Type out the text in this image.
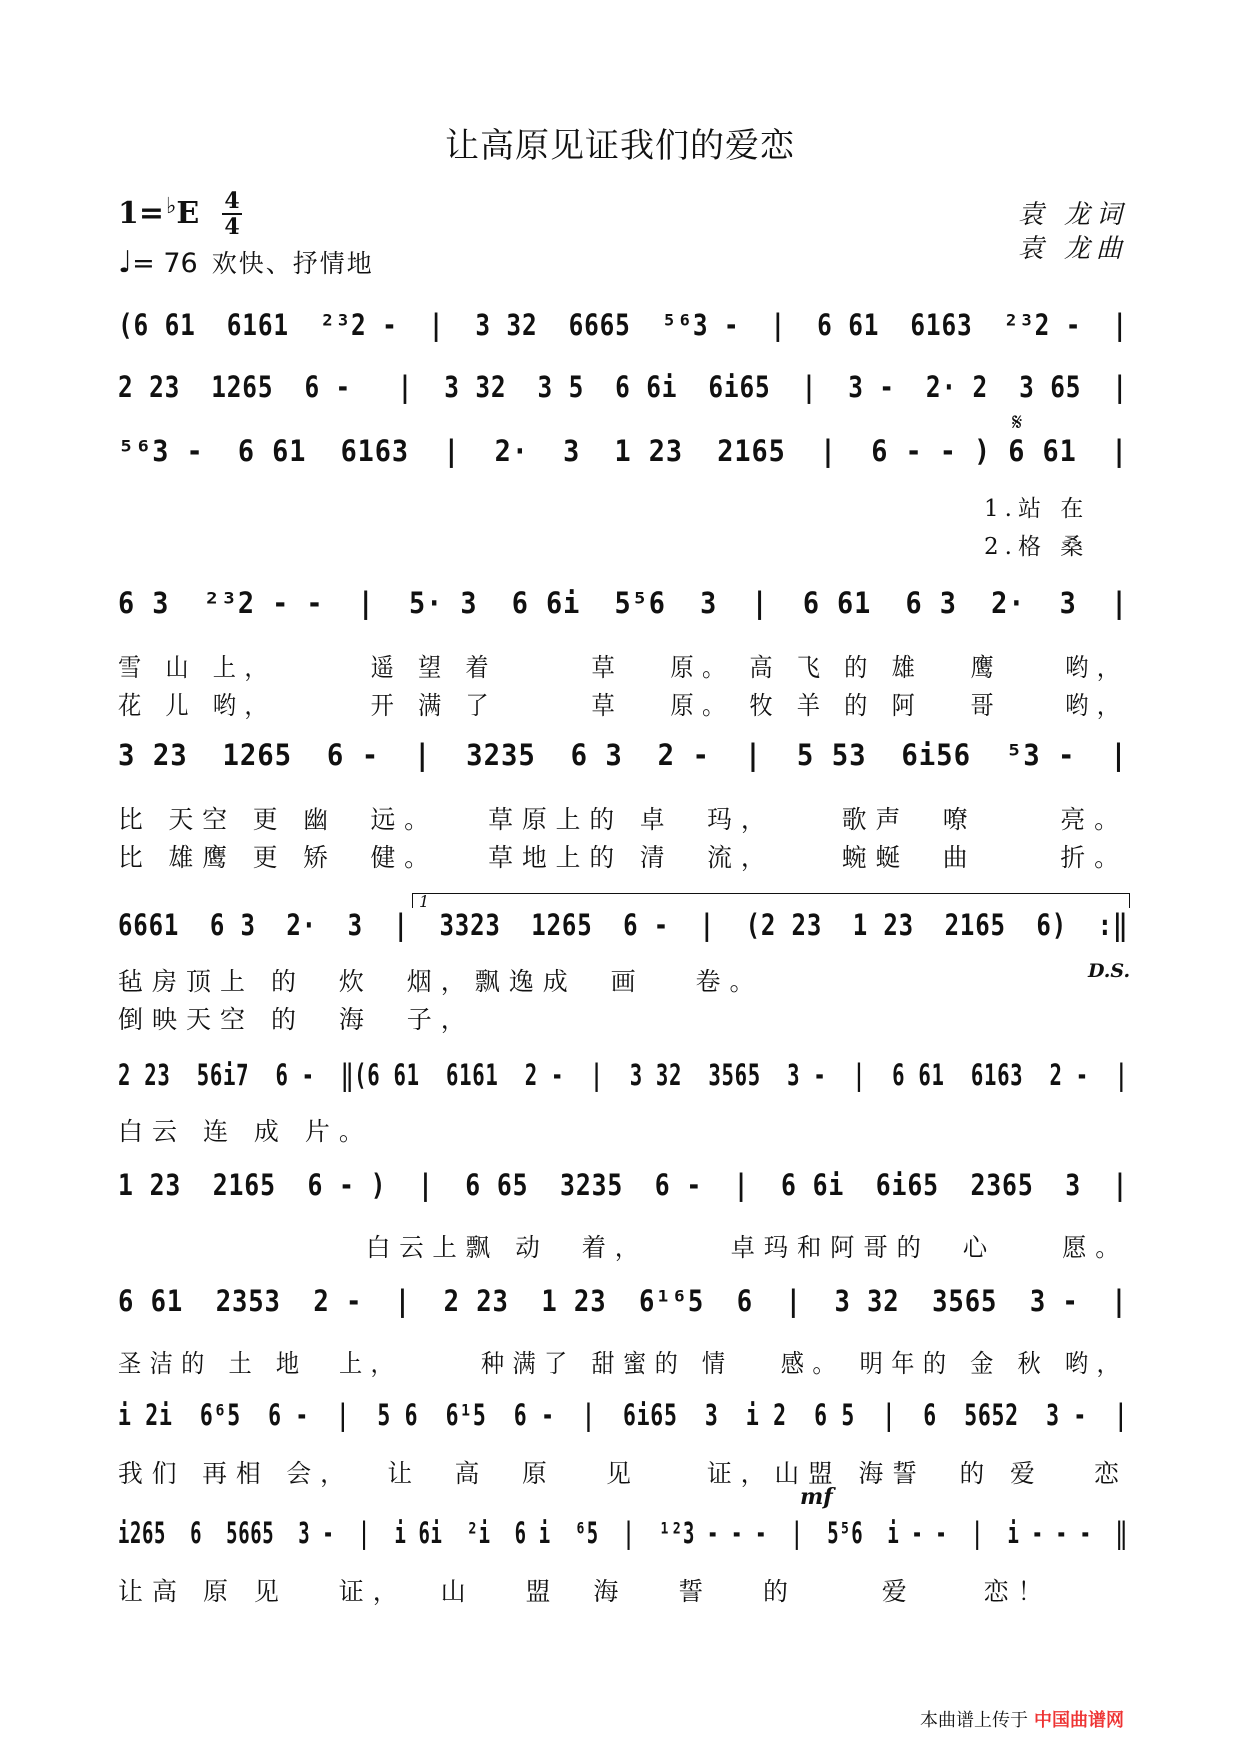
让高原见证我们的爱恋
1=♭E 4
4
♩= 76 欢快、抒情地
袁 龙词
袁 龙曲
(6 61  6161  ²³2 -  |  3 32  6665  ⁵⁶3 -  |  6 61  6163  ²³2 -  |
2 23  1265  6 -   |  3 32  3 5  6 6i  6i65  |  3 -  2· 2  3 65  |
⁵⁶3 -  6 61  6163  |  2·  3  1 23  2165  |  6 - - ) 6 61  |
𝄋
1.站 在
2.格 桑
6 3  ²³2 - -  |  5· 3  6 6i  5⁵6  3  |  6 61  6 3  2·  3  |
雪 山 上，      遥 望 着      草   原。 高 飞 的 雄   鹰    哟，
花 儿 哟，      开 满 了      草   原。 牧 羊 的 阿   哥    哟，
3 23  1265  6 -  |  3235  6 3  2 -  |  5 53  6i56  ⁵3 -  |
比 天空 更 幽  远。   草原上的 卓  玛，    歌声  嘹     亮。
比 雄鹰 更 矫  健。   草地上的 清  流，    蜿蜒  曲     折。
1
6661  6 3  2·  3  |  3323  1265  6 -  |  (2 23  1 23  2165  6)  :‖
D.S.
毡房顶上 的  炊  烟，飘逸成  画   卷。
倒映天空 的  海  子，
2 23  56i7  6 -  ‖(6 61  6161  2 -  |  3 32  3565  3 -  |  6 61  6163  2 -  |
白云 连 成 片。
1 23  2165  6 - )  |  6 65  3235  6 -  |  6 6i  6i65  2365  3  |
白云上飘 动  着，     卓玛和阿哥的  心    愿。
6 61  2353  2 -  |  2 23  1 23  6¹⁶5  6  |  3 32  3565  3 -  |
圣洁的 土 地  上，     种满了 甜蜜的 情   感。 明年的 金 秋 哟，
i 2i  6⁶5  6 -  |  5 6  6¹5  6 -  |  6i65  3  i 2  6 5  |  6  5652  3 -  |
我们 再相 会，  让  高  原   见    证，山盟 海誓  的 爱   恋
mf
i265  6  5665  3 -  |  i 6i  ²i  6 i  ⁶5  |  ¹²3 - - -  |  5⁵6  i - -  |  i - - -  ‖
让高 原 见   证，  山   盟  海   誓   的     爱    恋！
本曲谱上传于 中国曲谱网
